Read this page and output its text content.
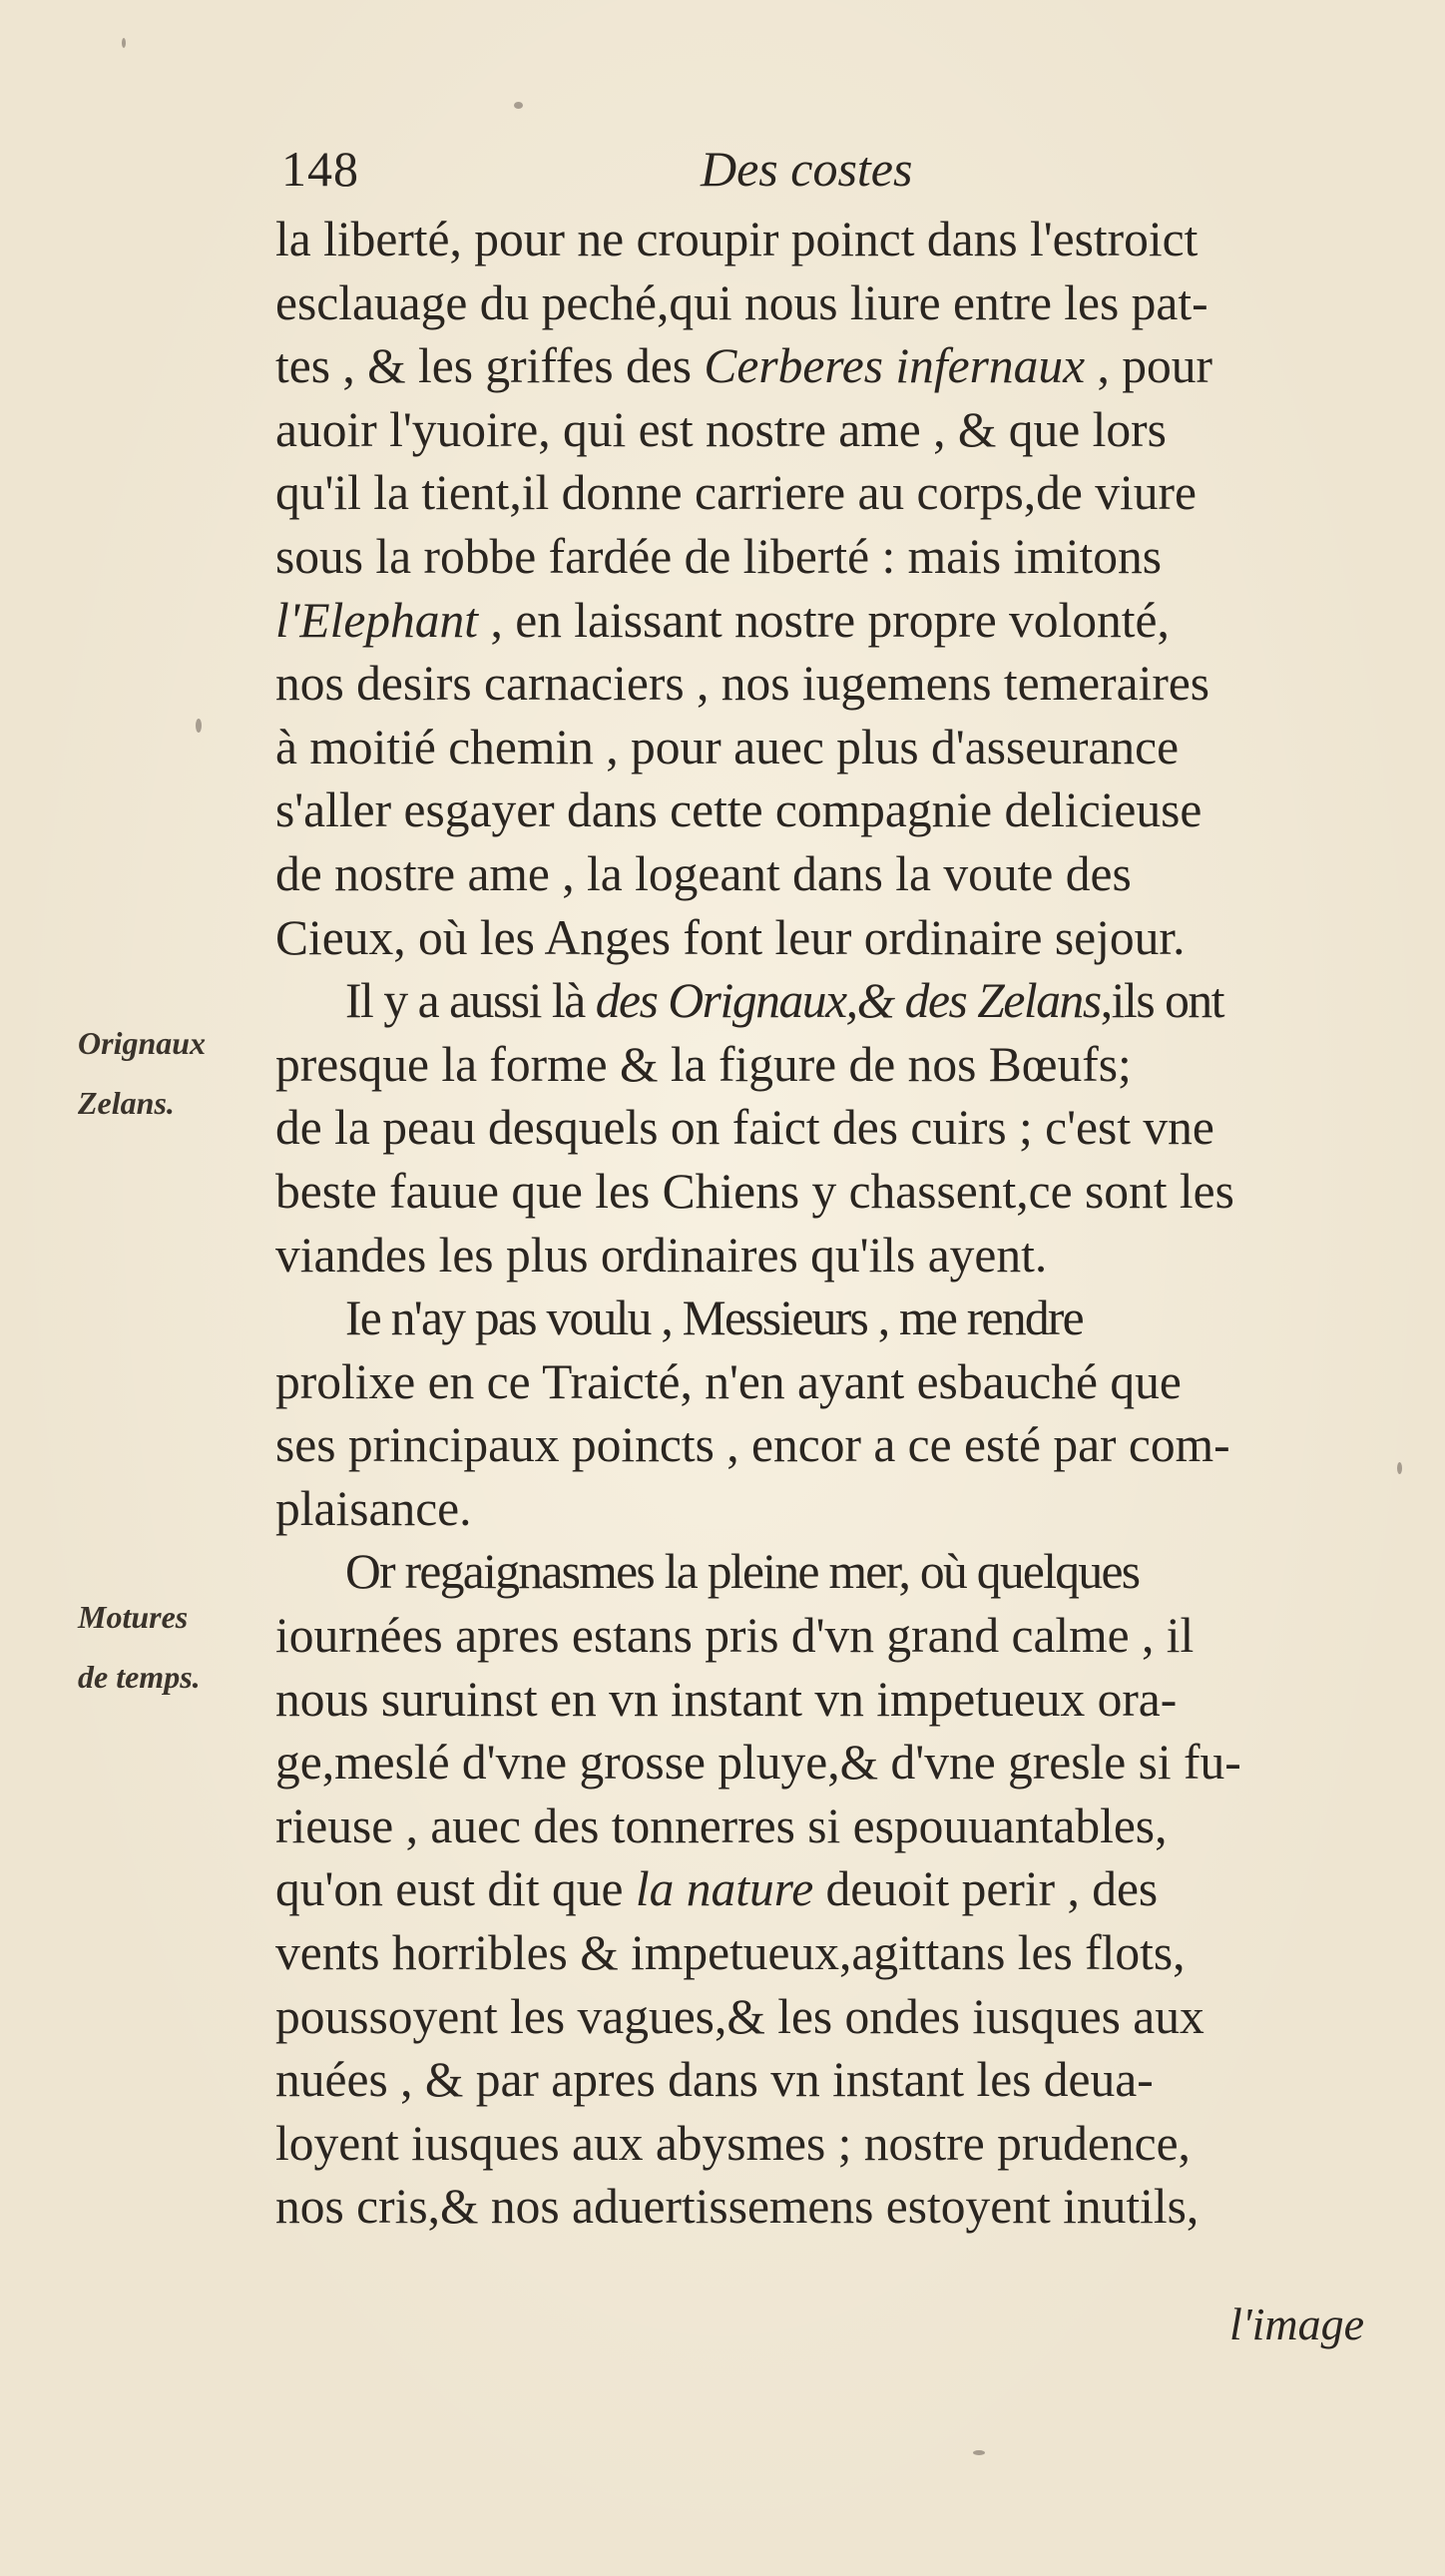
148	Des costes
Orignaux
Zelans.
Motures
de temps.
la liberté, pour ne croupir poinct dans l'estroict
esclauage du peché,qui nous liure entre les pat-
tes , & les griffes des Cerberes infernaux , pour
auoir l'yuoire, qui est nostre ame , & que lors
qu'il la tient,il donne carriere au corps,de viure
sous la robbe fardée de liberté : mais imitons
l'Elephant , en laissant nostre propre volonté,
nos desirs carnaciers , nos iugemens temeraires
à moitié chemin , pour auec plus d'asseurance
s'aller esgayer dans cette compagnie delicieuse
de nostre ame , la logeant dans la voute des
Cieux, où les Anges font leur ordinaire sejour.
Il y a aussi là des Orignaux,& des Zelans,ils ont
presque la forme & la figure de nos Bœufs;
de la peau desquels on faict des cuirs ; c'est vne
beste fauue que les Chiens y chassent,ce sont les
viandes les plus ordinaires qu'ils ayent.
Ie n'ay pas voulu , Messieurs , me rendre
prolixe en ce Traicté, n'en ayant esbauché que
ses principaux poincts , encor a ce esté par com-
plaisance.
Or regaignasmes la pleine mer, où quelques
iournées apres estans pris d'vn grand calme , il
nous suruinst en vn instant vn impetueux ora-
ge,meslé d'vne grosse pluye,& d'vne gresle si fu-
rieuse , auec des tonnerres si espouuantables,
qu'on eust dit que la nature deuoit perir , des
vents horribles & impetueux,agittans les flots,
poussoyent les vagues,& les ondes iusques aux
nuées , & par apres dans vn instant les deua-
loyent iusques aux abysmes ; nostre prudence,
nos cris,& nos aduertissemens estoyent inutils,
l'image
